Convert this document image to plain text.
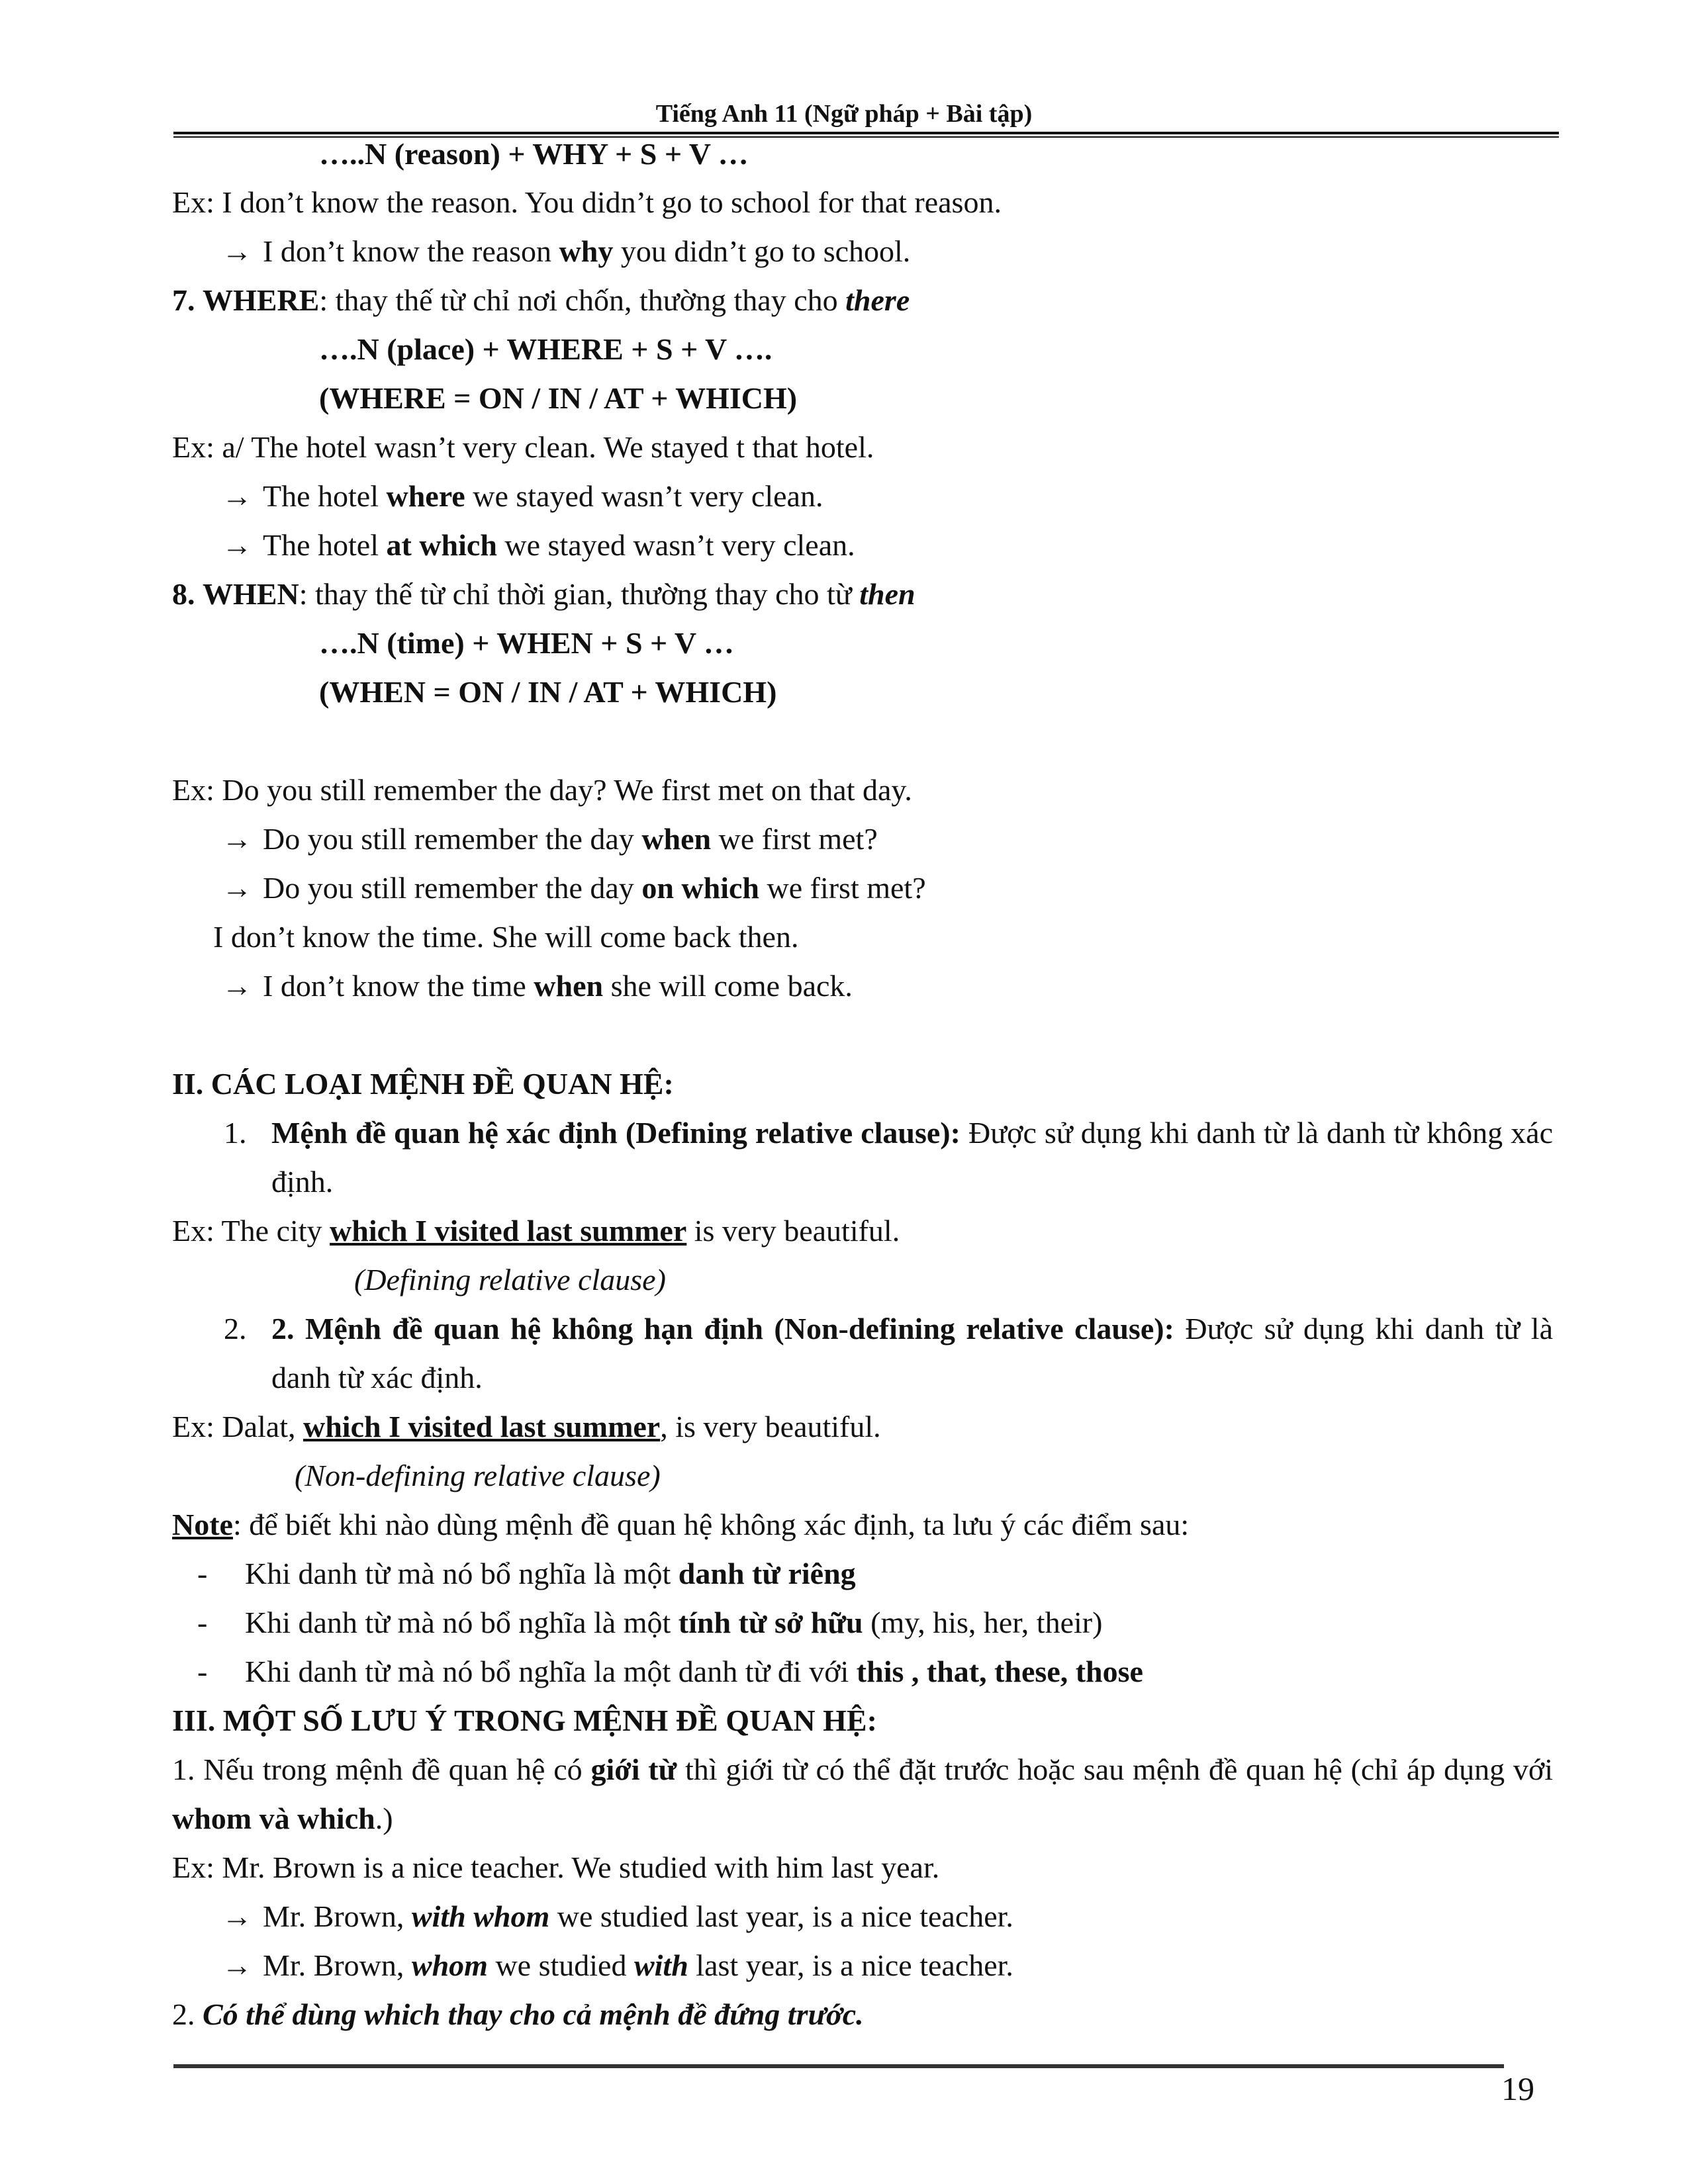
Tiếng Anh 11 (Ngữ pháp + Bài tập)
…..N (reason) + WHY + S + V …
Ex: I don’t know the reason. You didn’t go to school for that reason.
→ I don’t know the reason why you didn’t go to school.
7. WHERE: thay thế từ chỉ nơi chốn, thường thay cho there
….N (place) + WHERE + S + V ….
(WHERE = ON / IN / AT + WHICH)
Ex: a/ The hotel wasn’t very clean. We stayed t that hotel.
→ The hotel where we stayed wasn’t very clean.
→ The hotel at which we stayed wasn’t very clean.
8. WHEN: thay thế từ chỉ thời gian, thường thay cho từ then
….N (time) + WHEN + S + V …
(WHEN = ON / IN / AT + WHICH)
Ex: Do you still remember the day? We first met on that day.
→ Do you still remember the day when we first met?
→ Do you still remember the day on which we first met?
I don’t know the time. She will come back then.
→ I don’t know the time when she will come back.
II. CÁC LOẠI MỆNH ĐỀ QUAN HỆ:
1. Mệnh đề quan hệ xác định (Defining relative clause): Được sử dụng khi danh từ là danh từ không xác định.
Ex: The city which I visited last summer is very beautiful.
(Defining relative clause)
2. 2. Mệnh đề quan hệ không hạn định (Non-defining relative clause): Được sử dụng khi danh từ là danh từ xác định.
Ex: Dalat, which I visited last summer, is very beautiful.
(Non-defining relative clause)
Note: để biết khi nào dùng mệnh đề quan hệ không xác định, ta lưu ý các điểm sau:
- Khi danh từ mà nó bổ nghĩa là một danh từ riêng
- Khi danh từ mà nó bổ nghĩa là một tính từ sở hữu (my, his, her, their)
- Khi danh từ mà nó bổ nghĩa la một danh từ đi với this , that, these, those
III. MỘT SỐ LƯU Ý TRONG MỆNH ĐỀ QUAN HỆ:
1. Nếu trong mệnh đề quan hệ có giới từ thì giới từ có thể đặt trước hoặc sau mệnh đề quan hệ (chỉ áp dụng với whom và which.)
Ex: Mr. Brown is a nice teacher. We studied with him last year.
→ Mr. Brown, with whom we studied last year, is a nice teacher.
→ Mr. Brown, whom we studied with last year, is a nice teacher.
2. Có thể dùng which thay cho cả mệnh đề đứng trước.
19
